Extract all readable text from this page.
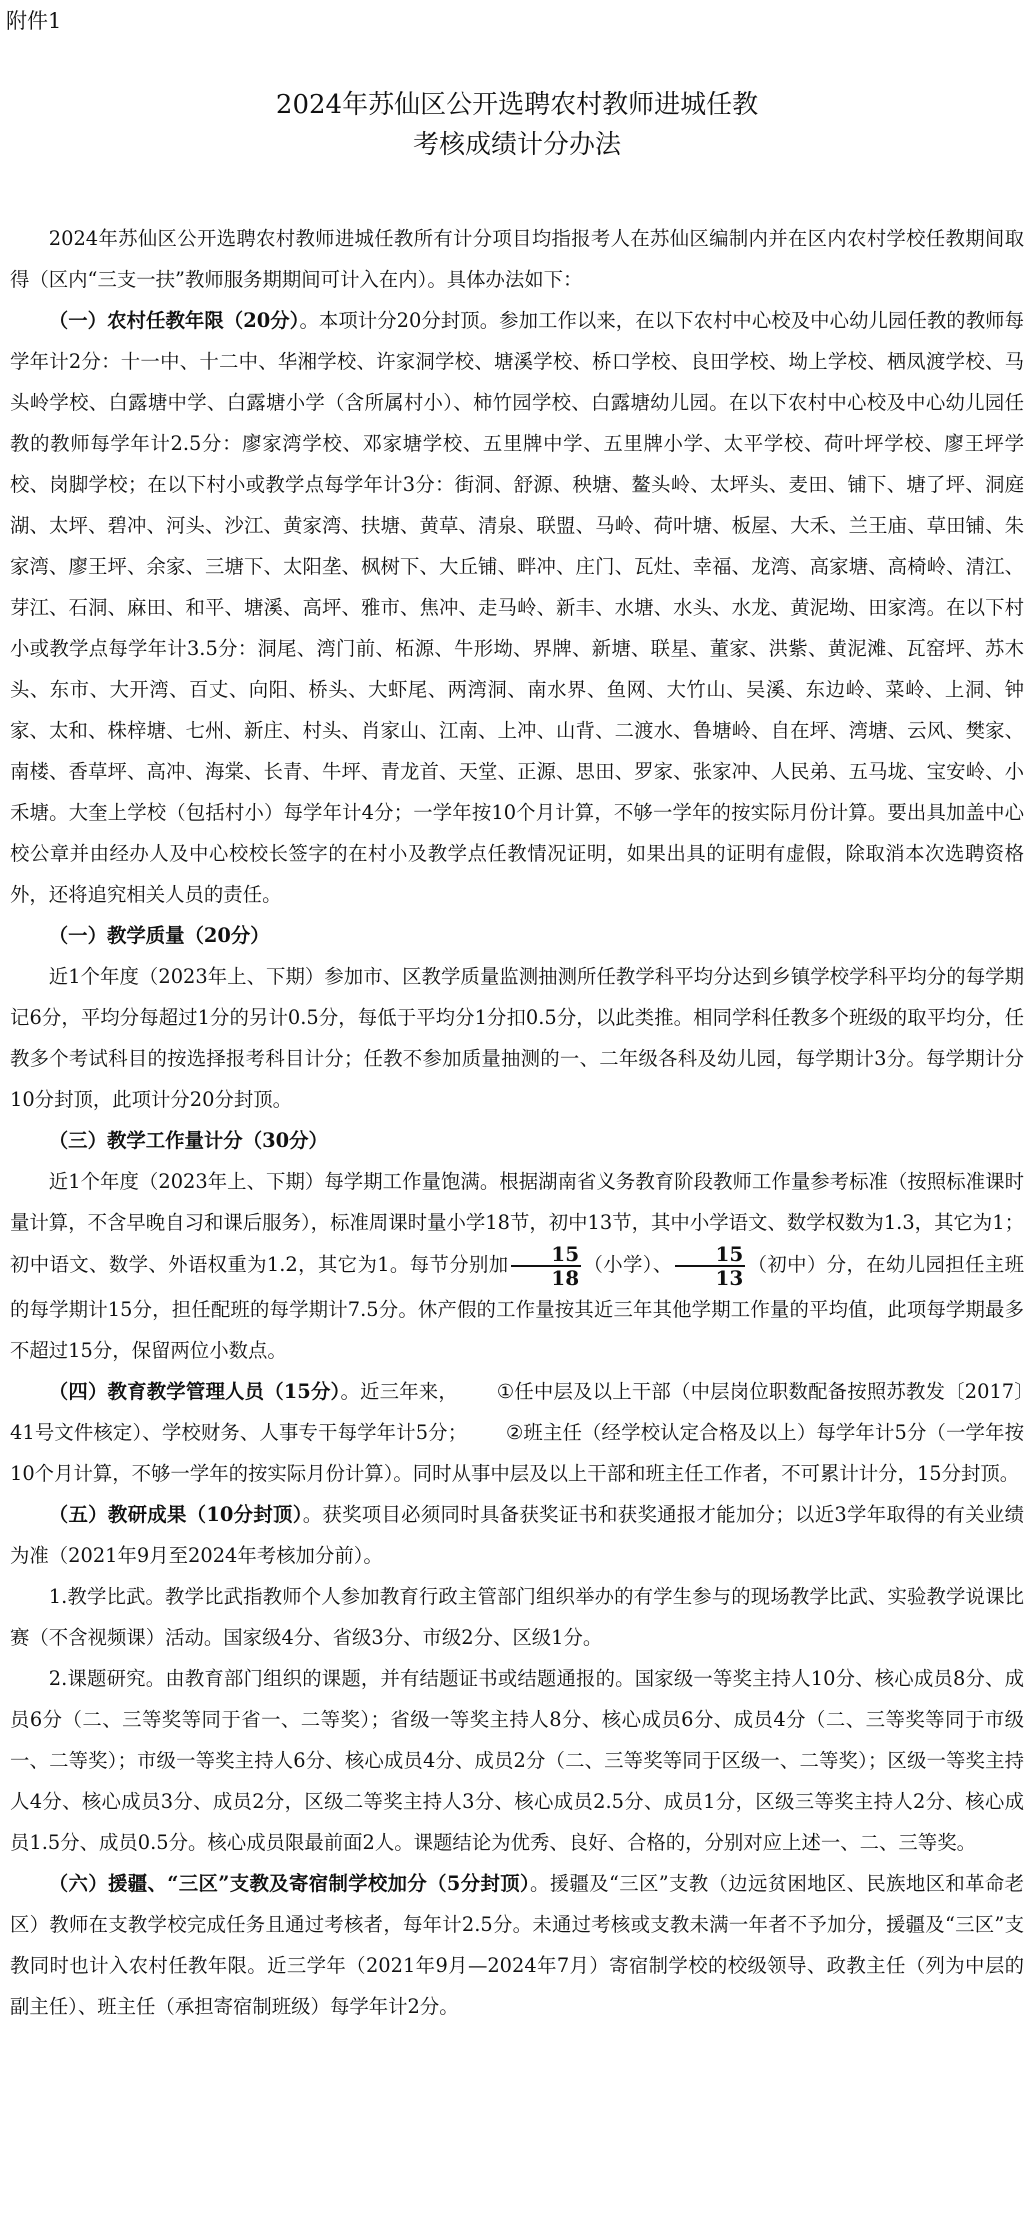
附件1
2024年苏仙区公开选聘农村教师进城任教
考核成绩计分办法

2024年苏仙区公开选聘农村教师进城任教所有计分项目均指报考人在苏仙区编制内并在区内农村学校任教期间取得（区内“三支一扶”教师服务期期间可计入在内）。具体办法如下：

（一）农村任教年限（20分）。本项计分20分封顶。参加工作以来，在以下农村中心校及中心幼儿园任教的教师每学年计2分：十一中、十二中、华湘学校、许家洞学校、塘溪学校、桥口学校、良田学校、坳上学校、栖凤渡学校、马头岭学校、白露塘中学、白露塘小学（含所属村小）、柿竹园学校、白露塘幼儿园。在以下农村中心校及中心幼儿园任教的教师每学年计2.5分：廖家湾学校、邓家塘学校、五里牌中学、五里牌小学、太平学校、荷叶坪学校、廖王坪学校、岗脚学校；在以下村小或教学点每学年计3分：街洞、舒源、秧塘、鳌头岭、太坪头、麦田、铺下、塘了坪、洞庭湖、太坪、碧冲、河头、沙江、黄家湾、扶塘、黄草、清泉、联盟、马岭、荷叶塘、板屋、大禾、兰王庙、草田铺、朱家湾、廖王坪、余家、三塘下、太阳垄、枫树下、大丘铺、畔冲、庄门、瓦灶、幸福、龙湾、高家塘、高椅岭、清江、芽江、石洞、麻田、和平、塘溪、高坪、雅市、焦冲、走马岭、新丰、水塘、水头、水龙、黄泥坳、田家湾。在以下村小或教学点每学年计3.5分：洞尾、湾门前、柘源、牛形坳、界牌、新塘、联星、董家、洪紫、黄泥滩、瓦窑坪、苏木头、东市、大开湾、百丈、向阳、桥头、大虾尾、两湾洞、南水界、鱼网、大竹山、吴溪、东边岭、菜岭、上洞、钟家、太和、株梓塘、七州、新庄、村头、肖家山、江南、上冲、山背、二渡水、鲁塘岭、自在坪、湾塘、云风、樊家、南楼、香草坪、高冲、海棠、长青、牛坪、青龙首、天堂、正源、思田、罗家、张家冲、人民弟、五马垅、宝安岭、小禾塘。大奎上学校（包括村小）每学年计4分；一学年按10个月计算，不够一学年的按实际月份计算。要出具加盖中心校公章并由经办人及中心校校长签字的在村小及教学点任教情况证明，如果出具的证明有虚假，除取消本次选聘资格外，还将追究相关人员的责任。

（一）教学质量（20分）

近1个年度（2023年上、下期）参加市、区教学质量监测抽测所任教学科平均分达到乡镇学校学科平均分的每学期记6分，平均分每超过1分的另计0.5分，每低于平均分1分扣0.5分，以此类推。相同学科任教多个班级的取平均分，任教多个考试科目的按选择报考科目计分；任教不参加质量抽测的一、二年级各科及幼儿园，每学期计3分。每学期计分10分封顶，此项计分20分封顶。

（三）教学工作量计分（30分）

近1个年度（2023年上、下期）每学期工作量饱满。根据湖南省义务教育阶段教师工作量参考标准（按照标准课时量计算，不含早晚自习和课后服务），标准周课时量小学18节，初中13节，其中小学语文、数学权数为1.3，其它为1；初中语文、数学、外语权重为1.2，其它为1。每节分别加 $\frac{15}{18}$ （小学）、 $\frac{15}{13}$ （初中）分，在幼儿园担任主班的每学期计15分，担任配班的每学期计7.5分。休产假的工作量按其近三年其他学期工作量的平均值，此项每学期最多不超过15分，保留两位小数点。

（四）教育教学管理人员（15分）。近三年来， ①任中层及以上干部（中层岗位职数配备按照苏教发〔2017〕41号文件核定）、学校财务、人事专干每学年计5分； ②班主任（经学校认定合格及以上）每学年计5分（一学年按10个月计算，不够一学年的按实际月份计算）。同时从事中层及以上干部和班主任工作者，不可累计计分，15分封顶。

（五）教研成果（10分封顶）。获奖项目必须同时具备获奖证书和获奖通报才能加分；以近3学年取得的有关业绩为准（2021年9月至2024年考核加分前）。

1.教学比武。教学比武指教师个人参加教育行政主管部门组织举办的有学生参与的现场教学比武、实验教学说课比赛（不含视频课）活动。国家级4分、省级3分、市级2分、区级1分。

2.课题研究。由教育部门组织的课题，并有结题证书或结题通报的。国家级一等奖主持人10分、核心成员8分、成员6分（二、三等奖等同于省一、二等奖）；省级一等奖主持人8分、核心成员6分、成员4分（二、三等奖等同于市级一、二等奖）；市级一等奖主持人6分、核心成员4分、成员2分（二、三等奖等同于区级一、二等奖）；区级一等奖主持人4分、核心成员3分、成员2分，区级二等奖主持人3分、核心成员2.5分、成员1分，区级三等奖主持人2分、核心成员1.5分、成员0.5分。核心成员限最前面2人。课题结论为优秀、良好、合格的，分别对应上述一、二、三等奖。

（六）援疆、“三区”支教及寄宿制学校加分（5分封顶）。援疆及“三区”支教（边远贫困地区、民族地区和革命老区）教师在支教学校完成任务且通过考核者，每年计2.5分。未通过考核或支教未满一年者不予加分，援疆及“三区”支教同时也计入农村任教年限。近三学年（2021年9月—2024年7月）寄宿制学校的校级领导、政教主任（列为中层的副主任）、班主任（承担寄宿制班级）每学年计2分。
